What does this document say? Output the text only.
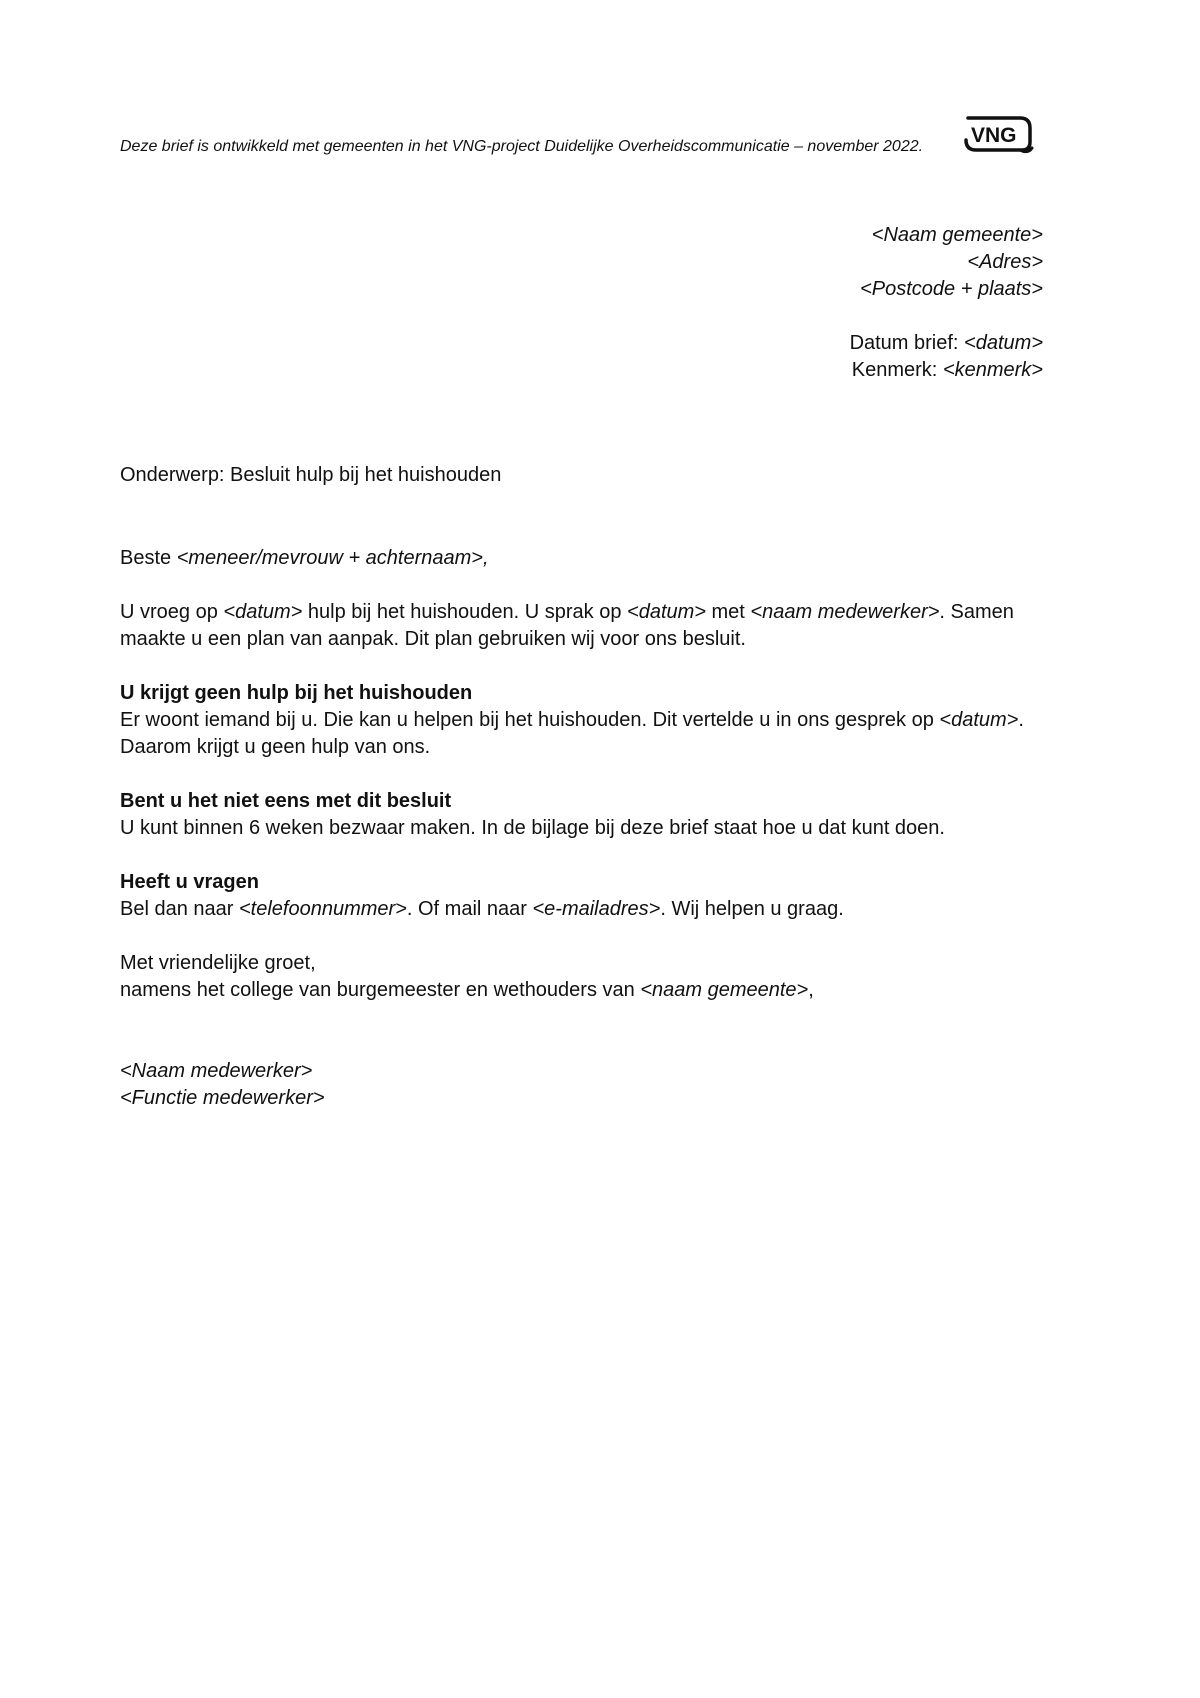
Deze brief is ontwikkeld met gemeenten in het VNG-project Duidelijke Overheidscommunicatie – november 2022. VNG
<Naam gemeente>
<Adres>
<Postcode + plaats>
Datum brief: <datum>
Kenmerk: <kenmerk>
Onderwerp: Besluit hulp bij het huishouden
Beste <meneer/mevrouw + achternaam>,

U vroeg op <datum> hulp bij het huishouden. U sprak op <datum> met <naam medewerker>. Samen

maakte u een plan van aanpak. Dit plan gebruiken wij voor ons besluit.

U krijgt geen hulp bij het huishouden

Er woont iemand bij u. Die kan u helpen bij het huishouden. Dit vertelde u in ons gesprek op <datum>.

Daarom krijgt u geen hulp van ons.

Bent u het niet eens met dit besluit

U kunt binnen 6 weken bezwaar maken. In de bijlage bij deze brief staat hoe u dat kunt doen.

Heeft u vragen

Bel dan naar <telefoonnummer>. Of mail naar <e-mailadres>. Wij helpen u graag.

Met vriendelijke groet,

namens het college van burgemeester en wethouders van <naam gemeente>,

<Naam medewerker>

<Functie medewerker>
